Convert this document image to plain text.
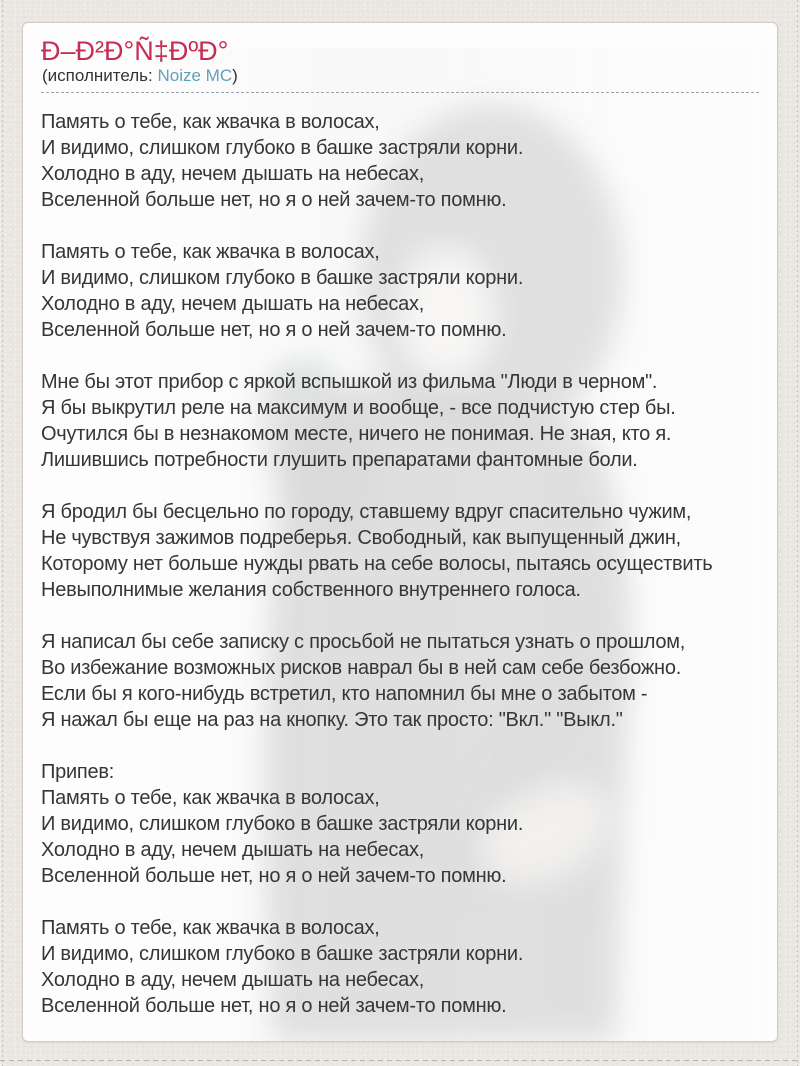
Ð–Ð²Ð°Ñ‡ÐºÐ°
(исполнитель: Noize MC)

Память о тебе, как жвачка в волосах,
И видимо, слишком глубоко в башке застряли корни.
Холодно в аду, нечем дышать на небесах,
Вселенной больше нет, но я о ней зачем-то помню.

Память о тебе, как жвачка в волосах,
И видимо, слишком глубоко в башке застряли корни.
Холодно в аду, нечем дышать на небесах,
Вселенной больше нет, но я о ней зачем-то помню.

Мне бы этот прибор с яркой вспышкой из фильма "Люди в черном".
Я бы выкрутил реле на максимум и вообще, - все подчистую стер бы.
Очутился бы в незнакомом месте, ничего не понимая. Не зная, кто я.
Лишившись потребности глушить препаратами фантомные боли.

Я бродил бы бесцельно по городу, ставшему вдруг спасительно чужим,
Не чувствуя зажимов подреберья. Свободный, как выпущенный джин,
Которому нет больше нужды рвать на себе волосы, пытаясь осуществить
Невыполнимые желания собственного внутреннего голоса.

Я написал бы себе записку с просьбой не пытаться узнать о прошлом,
Во избежание возможных рисков наврал бы в ней сам себе безбожно.
Если бы я кого-нибудь встретил, кто напомнил бы мне о забытом -
Я нажал бы еще на раз на кнопку. Это так просто: "Вкл." "Выкл."

Припев:
Память о тебе, как жвачка в волосах,
И видимо, слишком глубоко в башке застряли корни.
Холодно в аду, нечем дышать на небесах,
Вселенной больше нет, но я о ней зачем-то помню.

Память о тебе, как жвачка в волосах,
И видимо, слишком глубоко в башке застряли корни.
Холодно в аду, нечем дышать на небесах,
Вселенной больше нет, но я о ней зачем-то помню.
